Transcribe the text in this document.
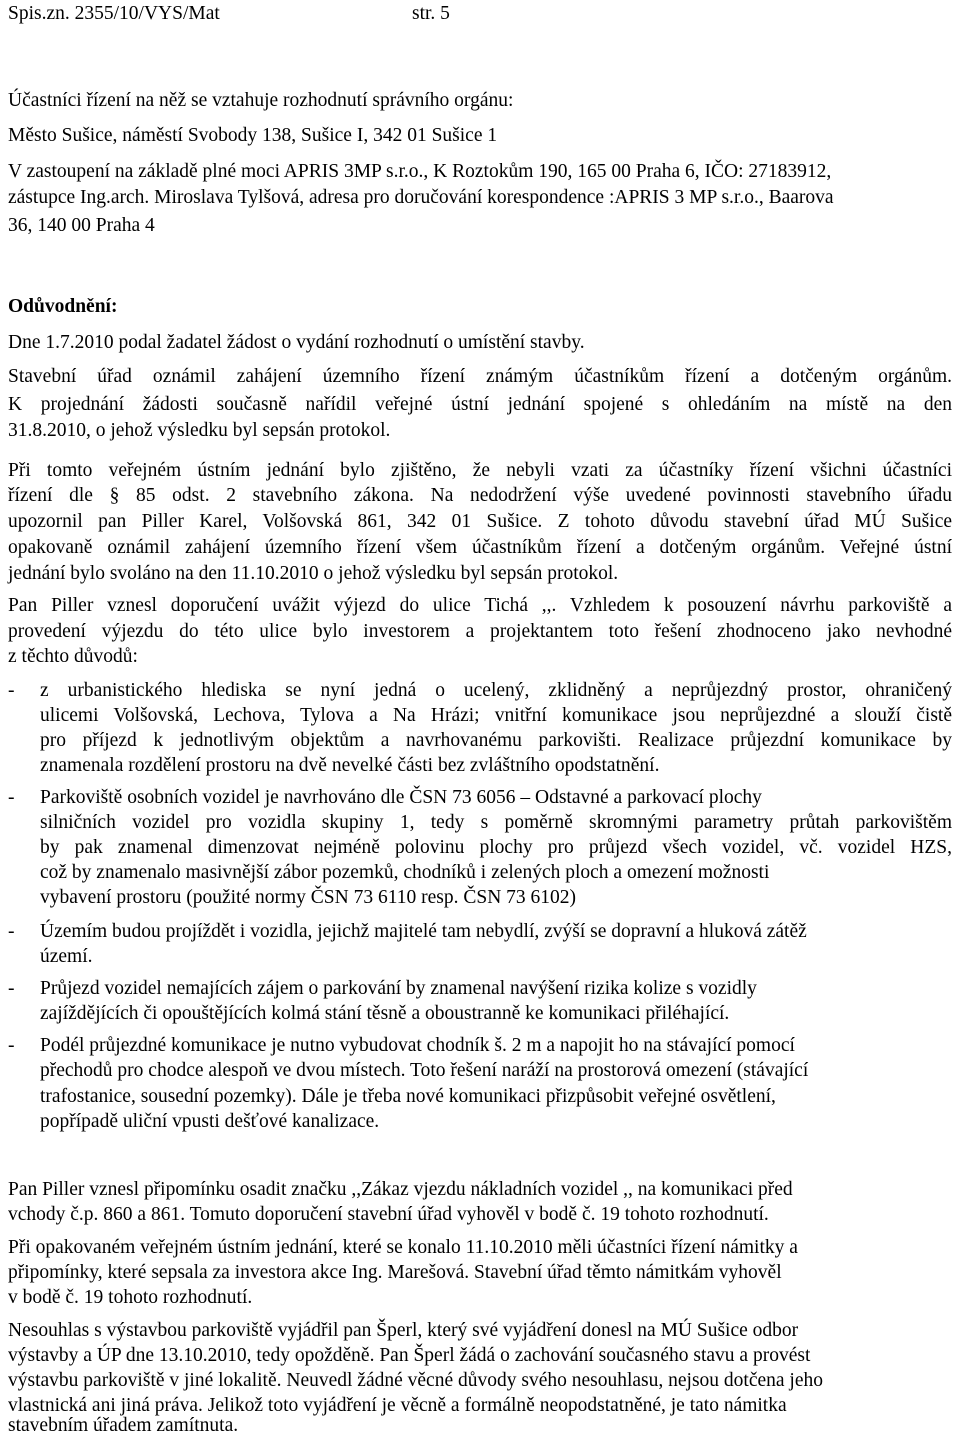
Spis.zn. 2355/10/VYS/Mat	str. 5
Účastníci řízení na něž se vztahuje rozhodnutí správního orgánu:
Město Sušice, náměstí Svobody 138, Sušice I, 342 01 Sušice 1
V zastoupení na základě plné moci APRIS 3MP s.r.o., K Roztokům 190, 165 00 Praha 6, IČO: 27183912,
zástupce Ing.arch. Miroslava Tylšová, adresa pro doručování korespondence :APRIS 3 MP s.r.o., Baarova
36, 140 00 Praha 4
Odůvodnění:
Dne 1.7.2010 podal žadatel žádost o vydání rozhodnutí o umístění stavby.
Stavební úřad oznámil zahájení územního řízení známým účastníkům řízení a dotčeným orgánům.
K projednání žádosti současně nařídil veřejné ústní jednání spojené s ohledáním na místě na den
31.8.2010, o jehož výsledku byl sepsán protokol.
Při tomto veřejném ústním jednání bylo zjištěno, že nebyli vzati za účastníky řízení všichni účastníci
řízení dle § 85 odst. 2 stavebního zákona. Na nedodržení výše uvedené povinnosti stavebního úřadu
upozornil pan Piller Karel, Volšovská 861, 342 01 Sušice. Z tohoto důvodu stavební úřad MÚ Sušice
opakovaně oznámil zahájení územního řízení všem účastníkům řízení a dotčeným orgánům. Veřejné ústní
jednání bylo svoláno na den 11.10.2010 o jehož výsledku byl sepsán protokol.
Pan Piller vznesl doporučení uvážit výjezd do ulice Tichá ,,. Vzhledem k posouzení návrhu parkoviště a
provedení výjezdu do této ulice bylo investorem a projektantem toto řešení zhodnoceno jako nevhodné
z těchto důvodů:
- z urbanistického hlediska se nyní jedná o ucelený, zklidněný a neprůjezdný prostor, ohraničený
ulicemi Volšovská, Lechova, Tylova a Na Hrázi; vnitřní komunikace jsou neprůjezdné a slouží čistě
pro příjezd k jednotlivým objektům a navrhovanému parkovišti. Realizace průjezdní komunikace by
znamenala rozdělení prostoru na dvě nevelké části bez zvláštního opodstatnění.
- Parkoviště osobních vozidel je navrhováno dle ČSN 73 6056 – Odstavné a parkovací plochy
silničních vozidel pro vozidla skupiny 1, tedy s poměrně skromnými parametry průtah parkovištěm
by pak znamenal dimenzovat nejméně polovinu plochy pro průjezd všech vozidel, vč. vozidel HZS,
což by znamenalo masivnější zábor pozemků, chodníků i zelených ploch a omezení možnosti
vybavení prostoru (použité normy ČSN 73 6110 resp. ČSN 73 6102)
- Územím budou projíždět i vozidla, jejichž majitelé tam nebydlí, zvýší se dopravní a hluková zátěž
území.
- Průjezd vozidel nemajících zájem o parkování by znamenal navýšení rizika kolize s vozidly
zajíždějících či opouštějících kolmá stání těsně a oboustranně ke komunikaci přiléhající.
- Podél průjezdné komunikace je nutno vybudovat chodník š. 2 m a napojit ho na stávající pomocí
přechodů pro chodce alespoň ve dvou místech. Toto řešení naráží na prostorová omezení (stávající
trafostanice, sousední pozemky). Dále je třeba nové komunikaci přizpůsobit veřejné osvětlení,
popřípadě uliční vpusti dešťové kanalizace.
Pan Piller vznesl připomínku osadit značku ,,Zákaz vjezdu nákladních vozidel ,, na komunikaci před
vchody č.p. 860 a 861. Tomuto doporučení stavební úřad vyhověl v bodě č. 19 tohoto rozhodnutí.
Při opakovaném veřejném ústním jednání, které se konalo 11.10.2010 měli účastníci řízení námitky a
připomínky, které sepsala za investora akce Ing. Marešová. Stavební úřad těmto námitkám vyhověl
v bodě č. 19 tohoto rozhodnutí.
Nesouhlas s výstavbou parkoviště vyjádřil pan Šperl, který své vyjádření donesl na MÚ Sušice odbor
výstavby a ÚP dne 13.10.2010, tedy opožděně. Pan Šperl žádá o zachování současného stavu a provést
výstavbu parkoviště v jiné lokalitě. Neuvedl žádné věcné důvody svého nesouhlasu, nejsou dotčena jeho
vlastnická ani jiná práva. Jelikož toto vyjádření je věcně a formálně neopodstatněné, je tato námitka
stavebním úřadem zamítnuta.
